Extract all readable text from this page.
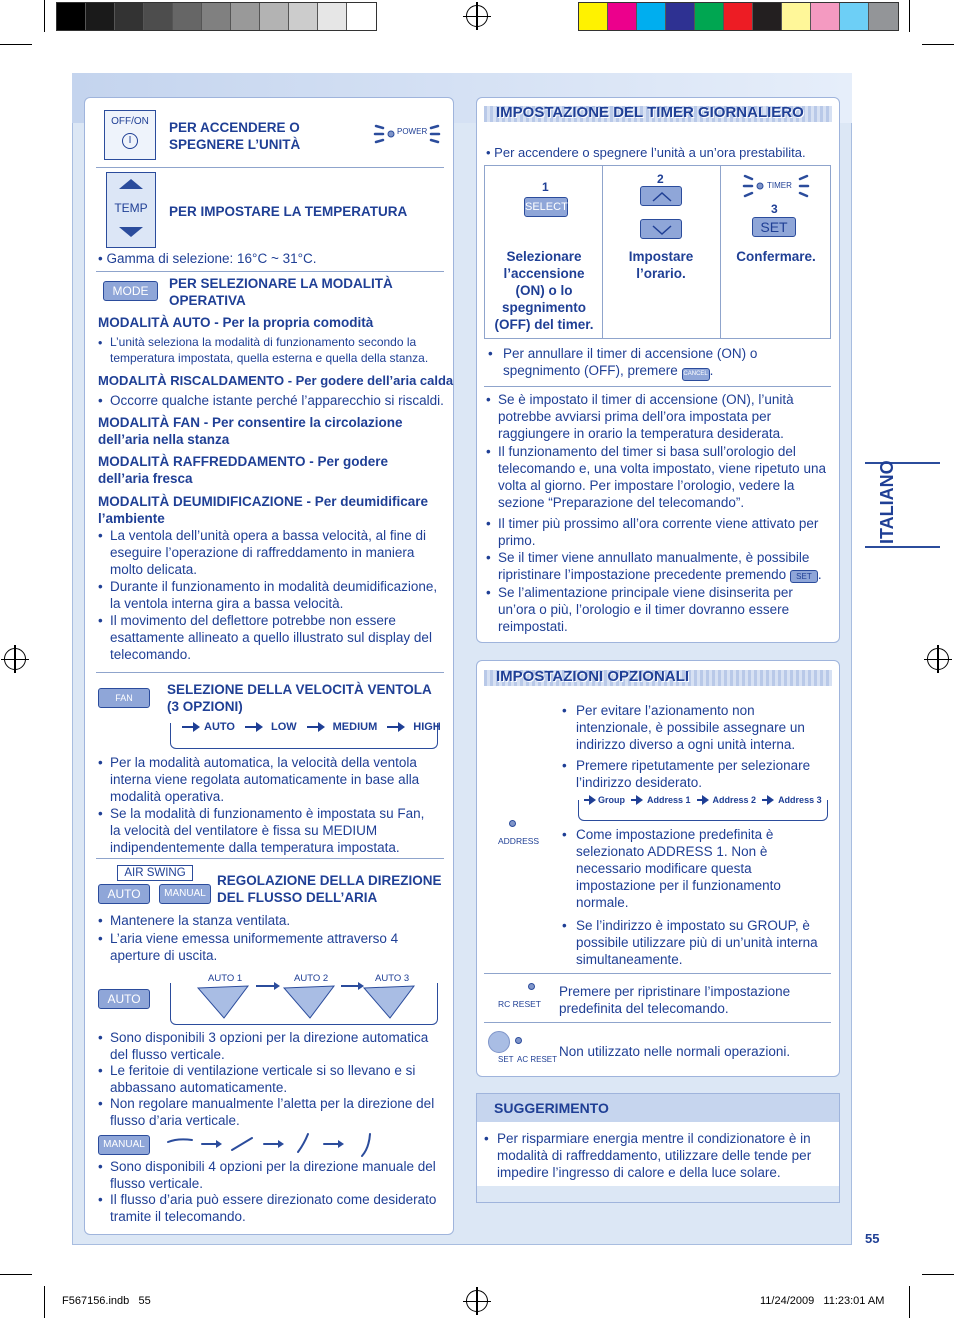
OFF/ON
I
PER ACCENDERE O SPEGNERE L’UNITÀ
POWER
TEMP	PER IMPOSTARE LA TEMPERATURA
• Gamma di selezione: 16°C ~ 31°C.
MODE	PER SELEZIONARE LA MODALITÀ OPERATIVA
MODALITÀ AUTO - Per la propria comodità
• L’unità seleziona la modalità di funzionamento secondo la temperatura impostata, quella esterna e quella della stanza.
MODALITÀ RISCALDAMENTO - Per godere dell’aria calda
• Occorre qualche istante perché l’apparecchio si riscaldi.
MODALITÀ FAN - Per consentire la circolazione dell’aria nella stanza
MODALITÀ RAFFREDDAMENTO - Per godere dell’aria fresca
MODALITÀ DEUMIDIFICAZIONE - Per deumidificare l’ambiente
• La ventola dell’unità opera a bassa velocità, al fine di eseguire l’operazione di raffreddamento in maniera molto delicata.
• Durante il funzionamento in modalità deumidificazione, la ventola interna gira a bassa velocità.
• Il movimento del deflettore potrebbe non essere esattamente allineato a quello illustrato sul display del telecomando.
FAN SPEED
SELEZIONE DELLA VELOCITÀ VENTOLA (3 OPZIONI)
AUTO	LOW	MEDIUM	HIGH
• Per la modalità automatica, la velocità della ventola interna viene regolata automaticamente in base alla modalità operativa.
• Se la modalità di funzionamento è impostata su Fan, la velocità del ventilatore è fissa su MEDIUM indipendentemente dalla temperatura impostata.
AIR SWING
AUTO	MANUAL
REGOLAZIONE DELLA DIREZIONE DEL FLUSSO DELL’ARIA
• Mantenere la stanza ventilata.
• L’aria viene emessa uniformemente attraverso 4 aperture di uscita.
AUTO
AUTO 1	AUTO 2	AUTO 3
• Sono disponibili 3 opzioni per la direzione automatica del flusso verticale.
• Le feritoie di ventilazione verticale si so llevano e si abbassano automaticamente.
• Non regolare manualmente l’aletta per la direzione del flusso d’aria verticale.
MANUAL
• Sono disponibili 4 opzioni per la direzione manuale del flusso verticale.
• Il flusso d’aria può essere direzionato come desiderato tramite il telecomando.
IMPOSTAZIONE DEL TIMER GIORNALIERO
• Per accendere o spegnere l’unità a un’ora prestabilita.
1
SELECT
Selezionare l’accensione (ON) o lo spegnimento (OFF) del timer.
2
Impostare l’orario.
TIMER
3
SET
Confermare.
• Per annullare il timer di accensione (ON) o spegnimento (OFF), premere CANCEL .
• Se è impostato il timer di accensione (ON), l’unità potrebbe avviarsi prima dell’ora impostata per raggiungere in orario la temperatura desiderata.
• Il funzionamento del timer si basa sull’orologio del telecomando e, una volta impostato, viene ripetuto una volta al giorno. Per impostare l’orologio, vedere la sezione “Preparazione del telecomando”.
• Il timer più prossimo all’ora corrente viene attivato per primo.
• Se il timer viene annullato manualmente, è possibile ripristinare l’impostazione precedente premendo SET .
• Se l’alimentazione principale viene disinserita per un’ora o più, l’orologio e il timer dovranno essere reimpostati.
IMPOSTAZIONI OPZIONALI
ADDRESS
• Per evitare l’azionamento non intenzionale, è possibile assegnare un indirizzo diverso a ogni unità interna.
• Premere ripetutamente per selezionare l’indirizzo desiderato.
Group Address 1 Address 2 Address 3
• Come impostazione predefinita è selezionato ADDRESS 1. Non è necessario modificare questa impostazione per il funzionamento normale.
• Se l’indirizzo è impostato su GROUP, è possibile utilizzare più di un’unità interna simultaneamente.
RC RESET
Premere per ripristinare l’impostazione predefinita del telecomando.
SET AC RESET
Non utilizzato nelle normali operazioni.
SUGGERIMENTO
• Per risparmiare energia mentre il condizionatore è in modalità di raffreddamento, utilizzare delle tende per impedire l’ingresso di calore e della luce solare.
ITALIANO
55
F567156.indb   55	11/24/2009   11:23:01 AM
